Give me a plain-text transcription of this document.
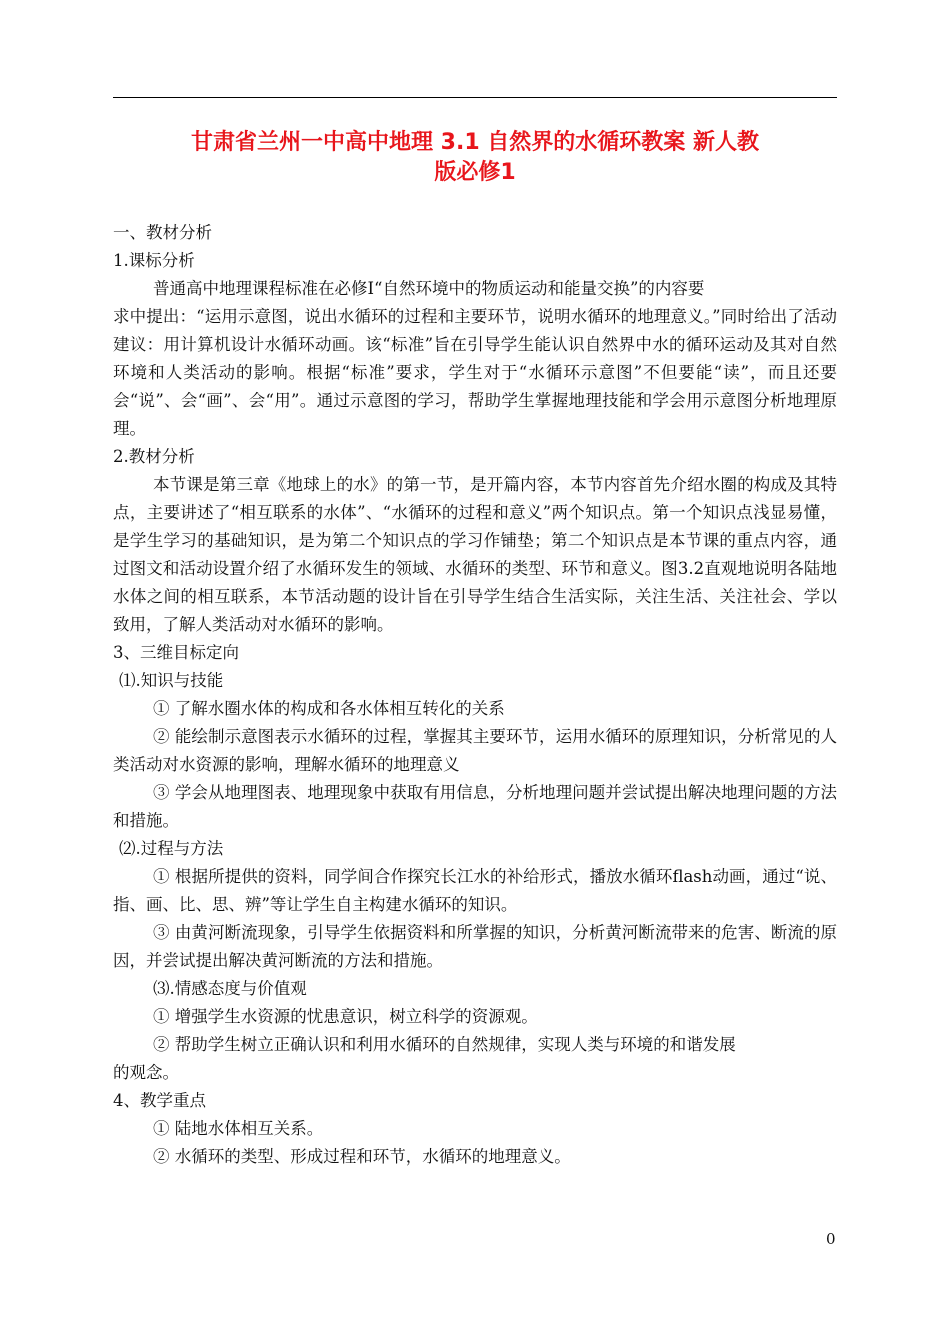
甘肃省兰州一中高中地理 3.1 自然界的水循环教案 新人教
版必修1

一、教材分析

1.课标分析

普通高中地理课程标准在必修Ⅰ“自然环境中的物质运动和能量交换”的内容要

求中提出：“运用示意图，说出水循环的过程和主要环节，说明水循环的地理意义。”同时给出了活动建议：用计算机设计水循环动画。该“标准”旨在引导学生能认识自然界中水的循环运动及其对自然环境和人类活动的影响。根据“标准”要求，学生对于“水循环示意图”不但要能“读”，而且还要会“说”、会“画”、会“用”。通过示意图的学习，帮助学生掌握地理技能和学会用示意图分析地理原理。

2.教材分析

本节课是第三章《地球上的水》的第一节，是开篇内容，本节内容首先介绍水圈的构成及其特点，主要讲述了“相互联系的水体”、“水循环的过程和意义”两个知识点。第一个知识点浅显易懂，是学生学习的基础知识，是为第二个知识点的学习作铺垫；第二个知识点是本节课的重点内容，通过图文和活动设置介绍了水循环发生的领域、水循环的类型、环节和意义。图3.2直观地说明各陆地水体之间的相互联系，本节活动题的设计旨在引导学生结合生活实际，关注生活、关注社会、学以致用，了解人类活动对水循环的影响。

3、三维目标定向

⑴.知识与技能

① 了解水圈水体的构成和各水体相互转化的关系

② 能绘制示意图表示水循环的过程，掌握其主要环节，运用水循环的原理知识，分析常见的人类活动对水资源的影响，理解水循环的地理意义

③ 学会从地理图表、地理现象中获取有用信息，分析地理问题并尝试提出解决地理问题的方法和措施。

⑵.过程与方法

① 根据所提供的资料，同学间合作探究长江水的补给形式，播放水循环flash动画，通过“说、指、画、比、思、辨”等让学生自主构建水循环的知识。

③ 由黄河断流现象，引导学生依据资料和所掌握的知识，分析黄河断流带来的危害、断流的原因，并尝试提出解决黄河断流的方法和措施。

⑶.情感态度与价值观

① 增强学生水资源的忧患意识，树立科学的资源观。

② 帮助学生树立正确认识和利用水循环的自然规律，实现人类与环境的和谐发展

的观念。

4、教学重点

① 陆地水体相互关系。

② 水循环的类型、形成过程和环节，水循环的地理意义。

0
